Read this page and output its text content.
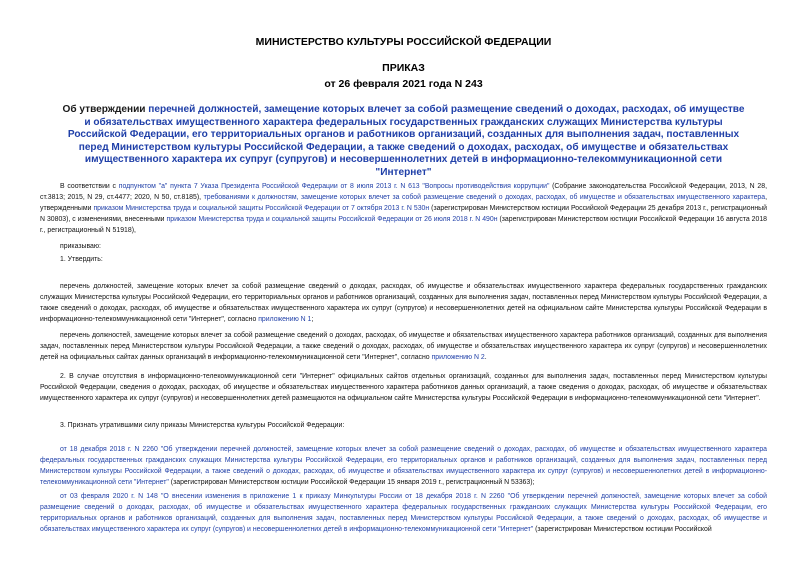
МИНИСТЕРСТВО КУЛЬТУРЫ РОССИЙСКОЙ ФЕДЕРАЦИИ
ПРИКАЗ
от 26 февраля 2021 года N 243
Об утверждении перечней должностей, замещение которых влечет за собой размещение сведений о доходах, расходах, об имуществе и обязательствах имущественного характера федеральных государственных гражданских служащих Министерства культуры Российской Федерации, его территориальных органов и работников организаций, созданных для выполнения задач, поставленных перед Министерством культуры Российской Федерации, а также сведений о доходах, расходах, об имуществе и обязательствах имущественного характера их супруг (супругов) и несовершеннолетних детей в информационно-телекоммуникационной сети "Интернет"
В соответствии с подпунктом "а" пункта 7 Указа Президента Российской Федерации от 8 июля 2013 г. N 613 "Вопросы противодействия коррупции" (Собрание законодательства Российской Федерации, 2013, N 28, ст.3813; 2015, N 29, ст.4477; 2020, N 50, ст.8185), требованиями к должностям, замещение которых влечет за собой размещение сведений о доходах, расходах, об имуществе и обязательствах имущественного характера, утвержденными приказом Министерства труда и социальной защиты Российской Федерации от 7 октября 2013 г. N 530н (зарегистрирован Министерством юстиции Российской Федерации 25 декабря 2013 г., регистрационный N 30803), с изменениями, внесенными приказом Министерства труда и социальной защиты Российской Федерации от 26 июля 2018 г. N 490н (зарегистрирован Министерством юстиции Российской Федерации 16 августа 2018 г., регистрационный N 51918),
приказываю:
1. Утвердить:
перечень должностей, замещение которых влечет за собой размещение сведений о доходах, расходах, об имуществе и обязательствах имущественного характера федеральных государственных гражданских служащих Министерства культуры Российской Федерации, его территориальных органов и работников организаций, созданных для выполнения задач, поставленных перед Министерством культуры Российской Федерации, а также сведений о доходах, расходах, об имуществе и обязательствах имущественного характера их супруг (супругов) и несовершеннолетних детей на официальном сайте Министерства культуры Российской Федерации в информационно-телекоммуникационной сети "Интернет", согласно приложению N 1;
перечень должностей, замещение которых влечет за собой размещение сведений о доходах, расходах, об имуществе и обязательствах имущественного характера работников организаций, созданных для выполнения задач, поставленных перед Министерством культуры Российской Федерации, а также сведений о доходах, расходах, об имуществе и обязательствах имущественного характера их супруг (супругов) и несовершеннолетних детей на официальных сайтах данных организаций в информационно-телекоммуникационной сети "Интернет", согласно приложению N 2.
2. В случае отсутствия в информационно-телекоммуникационной сети "Интернет" официальных сайтов отдельных организаций, созданных для выполнения задач, поставленных перед Министерством культуры Российской Федерации, сведения о доходах, расходах, об имуществе и обязательствах имущественного характера работников данных организаций, а также сведения о доходах, расходах, об имуществе и обязательствах имущественного характера их супруг (супругов) и несовершеннолетних детей размещаются на официальном сайте Министерства культуры Российской Федерации в информационно-телекоммуникационной сети "Интернет".
3. Признать утратившими силу приказы Министерства культуры Российской Федерации:
от 18 декабря 2018 г. N 2260 "Об утверждении перечней должностей, замещение которых влечет за собой размещение сведений о доходах, расходах, об имуществе и обязательствах имущественного характера федеральных государственных гражданских служащих Министерства культуры Российской Федерации, его территориальных органов и работников организаций, созданных для выполнения задач, поставленных перед Министерством культуры Российской Федерации, а также сведений о доходах, расходах, об имуществе и обязательствах имущественного характера их супруг (супругов) и несовершеннолетних детей в информационно-телекоммуникационной сети "Интернет" (зарегистрирован Министерством юстиции Российской Федерации 15 января 2019 г., регистрационный N 53363);
от 03 февраля 2020 г. N 148 "О внесении изменения в приложение 1 к приказу Минкультуры России от 18 декабря 2018 г. N 2260 "Об утверждении перечней должностей, замещение которых влечет за собой размещение сведений о доходах, расходах, об имуществе и обязательствах имущественного характера федеральных государственных гражданских служащих Министерства культуры Российской Федерации, его территориальных органов и работников организаций, созданных для выполнения задач, поставленных перед Министерством культуры Российской Федерации, а также сведений о доходах, расходах, об имуществе и обязательствах имущественного характера их супруг (супругов) и несовершеннолетних детей в информационно-телекоммуникационной сети "Интернет" (зарегистрирован Министерством юстиции Российской
